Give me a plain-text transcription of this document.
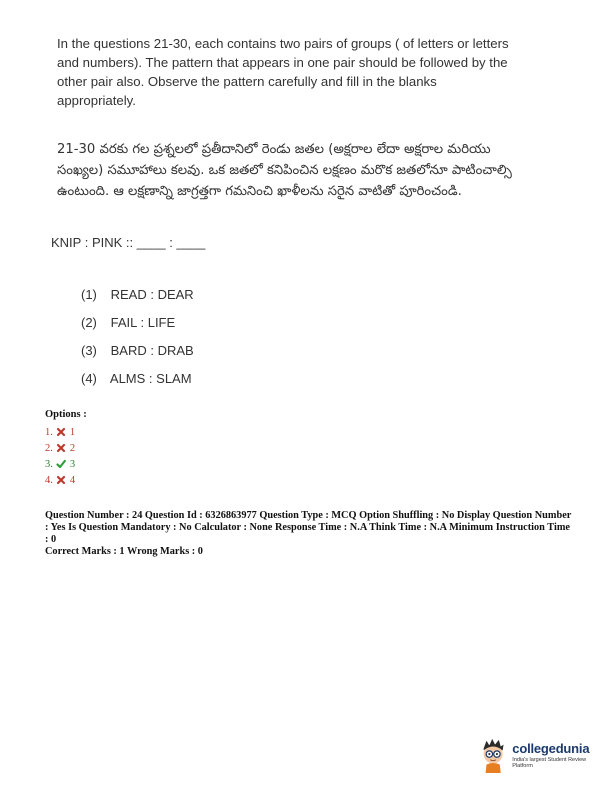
In the questions 21-30, each contains two pairs of groups ( of letters or letters and numbers). The pattern that appears in one pair should be followed by the other pair also. Observe the pattern carefully and fill in the blanks appropriately.
21-30 వరకు గల ప్రశ్నలలో ప్రతీదానిలో రెండు జతల (అక్షరాల లేదా అక్షరాల మరియు సంఖ్యల) సమూహాలు కలవు. ఒక జతలో కనిపించిన లక్షణం మరొక జతలోనూ పాటించాల్సి ఉంటుంది. ఆ లక్షణాన్ని జాగ్రత్తగా గమనించి ఖాళీలను సరైన వాటితో పూరించండి.
KNIP : PINK :: ____ : ____
(1) READ : DEAR
(2) FAIL : LIFE
(3) BARD : DRAB
(4) ALMS : SLAM
Options :
1. 1
2. 2
3. 3
4. 4
Question Number : 24 Question Id : 6326863977 Question Type : MCQ Option Shuffling : No Display Question Number : Yes Is Question Mandatory : No Calculator : None Response Time : N.A Think Time : N.A Minimum Instruction Time : 0
Correct Marks : 1 Wrong Marks : 0
collegedunia
India's largest Student Review Platform
